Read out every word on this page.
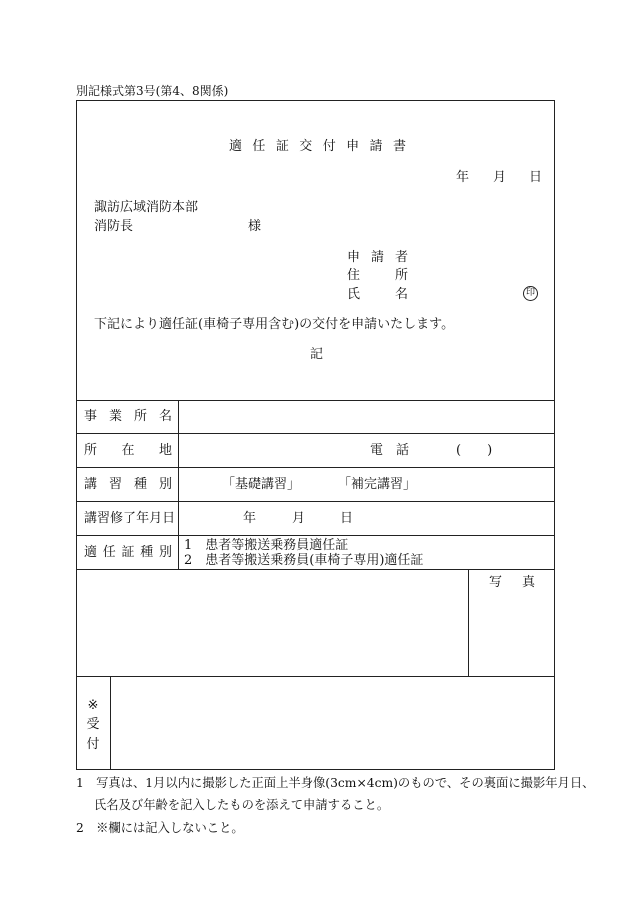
別記様式第3号(第4、8関係)
適 任 証 交 付 申 請 書
年 月 日
諏訪広域消防本部
消防長	様
申 請 者
住	所
氏	名	印
下記により適任証(車椅子専用含む)の交付を申請いたします。
記
事 業 所 名
所 在 地	電　話	(　　)
講 習 種 別	「基礎講習」	「補完講習」
講 習 修 了 年 月 日	年	月	日
適 任 証 種 別 1　患者等搬送乗務員適任証
2　患者等搬送乗務員(車椅子専用)適任証
写 真
※
受
付
1　写真は、1月以内に撮影した正面上半身像(3cm×4cm)のもので、その裏面に撮影年月日、
氏名及び年齢を記入したものを添えて申請すること。
2　※欄には記入しないこと。
